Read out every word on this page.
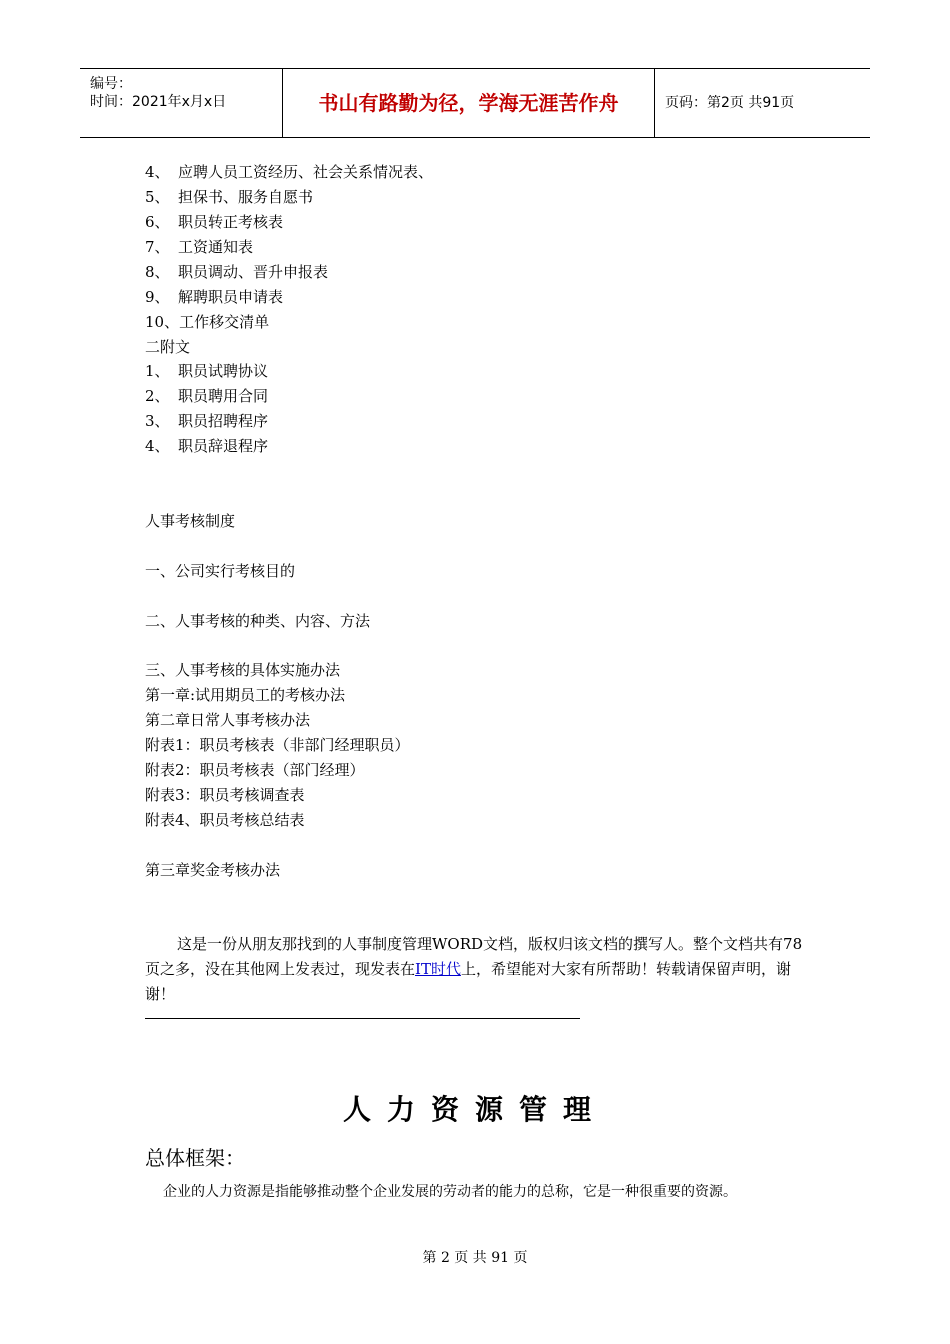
编号：
时间：2021年x月x日	书山有路勤为径，学海无涯苦作舟	页码：第2页 共91页
4、 应聘人员工资经历、社会关系情况表、
5、 担保书、服务自愿书
6、 职员转正考核表
7、 工资通知表
8、 职员调动、晋升申报表
9、 解聘职员申请表
10、工作移交清单
二附文
1、 职员试聘协议
2、 职员聘用合同
3、 职员招聘程序
4、 职员辞退程序
人事考核制度
一、公司实行考核目的
二、人事考核的种类、内容、方法
三、人事考核的具体实施办法
第一章:试用期员工的考核办法
第二章日常人事考核办法
附表1：职员考核表（非部门经理职员）
附表2：职员考核表（部门经理）
附表3：职员考核调查表
附表4、职员考核总结表
第三章奖金考核办法
这是一份从朋友那找到的人事制度管理WORD文档，版权归该文档的撰写人。整个文档共有78页之多，没在其他网上发表过，现发表在IT时代上，希望能对大家有所帮助！转载请保留声明，谢谢！
人力资源管理
总体框架：
企业的人力资源是指能够推动整个企业发展的劳动者的能力的总称，它是一种很重要的资源。
第 2 页 共 91 页
